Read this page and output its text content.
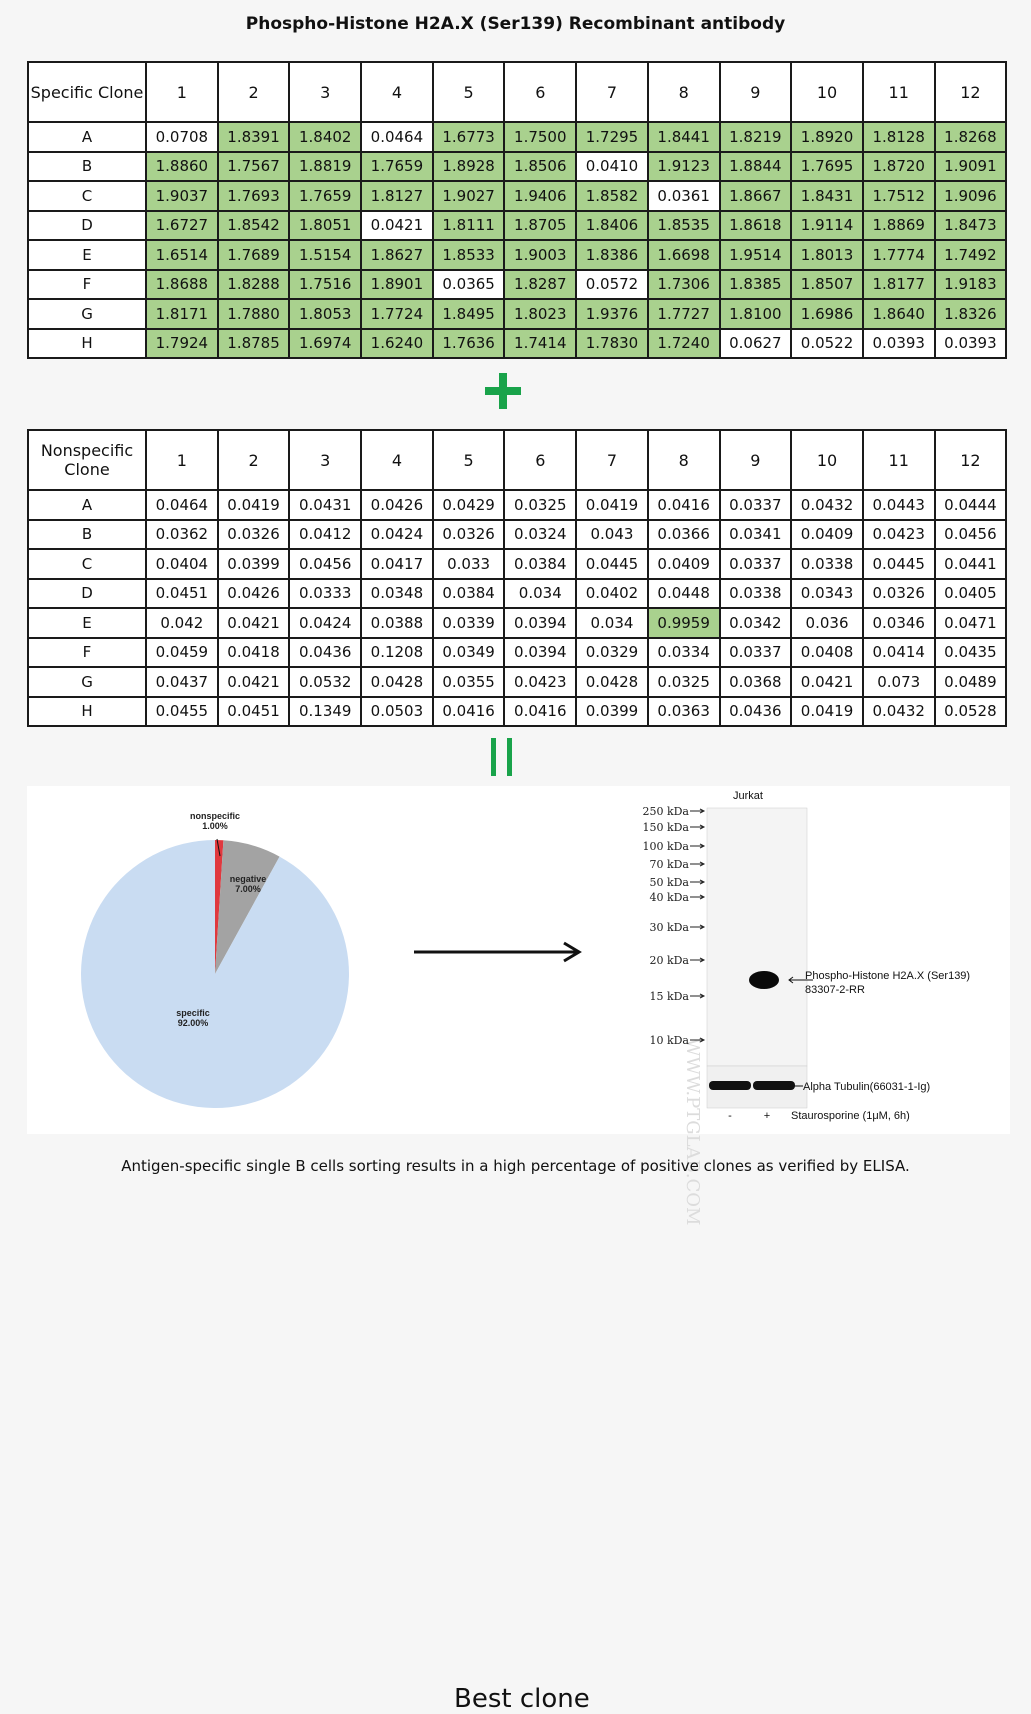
Phospho-Histone H2A.X (Ser139) Recombinant antibody
Specific Clone	1	2	3	4	5	6	7	8	9	10	11	12
A	0.0708	1.8391	1.8402	0.0464	1.6773	1.7500	1.7295	1.8441	1.8219	1.8920	1.8128	1.8268
B	1.8860	1.7567	1.8819	1.7659	1.8928	1.8506	0.0410	1.9123	1.8844	1.7695	1.8720	1.9091
C	1.9037	1.7693	1.7659	1.8127	1.9027	1.9406	1.8582	0.0361	1.8667	1.8431	1.7512	1.9096
D	1.6727	1.8542	1.8051	0.0421	1.8111	1.8705	1.8406	1.8535	1.8618	1.9114	1.8869	1.8473
E	1.6514	1.7689	1.5154	1.8627	1.8533	1.9003	1.8386	1.6698	1.9514	1.8013	1.7774	1.7492
F	1.8688	1.8288	1.7516	1.8901	0.0365	1.8287	0.0572	1.7306	1.8385	1.8507	1.8177	1.9183
G	1.8171	1.7880	1.8053	1.7724	1.8495	1.8023	1.9376	1.7727	1.8100	1.6986	1.8640	1.8326
H	1.7924	1.8785	1.6974	1.6240	1.7636	1.7414	1.7830	1.7240	0.0627	0.0522	0.0393	0.0393
Nonspecific
Clone	1	2	3	4	5	6	7	8	9	10	11	12
A	0.0464	0.0419	0.0431	0.0426	0.0429	0.0325	0.0419	0.0416	0.0337	0.0432	0.0443	0.0444
B	0.0362	0.0326	0.0412	0.0424	0.0326	0.0324	0.043	0.0366	0.0341	0.0409	0.0423	0.0456
C	0.0404	0.0399	0.0456	0.0417	0.033	0.0384	0.0445	0.0409	0.0337	0.0338	0.0445	0.0441
D	0.0451	0.0426	0.0333	0.0348	0.0384	0.034	0.0402	0.0448	0.0338	0.0343	0.0326	0.0405
E	0.042	0.0421	0.0424	0.0388	0.0339	0.0394	0.034	0.9959	0.0342	0.036	0.0346	0.0471
F	0.0459	0.0418	0.0436	0.1208	0.0349	0.0394	0.0329	0.0334	0.0337	0.0408	0.0414	0.0435
G	0.0437	0.0421	0.0532	0.0428	0.0355	0.0423	0.0428	0.0325	0.0368	0.0421	0.073	0.0489
H	0.0455	0.0451	0.1349	0.0503	0.0416	0.0416	0.0399	0.0363	0.0436	0.0419	0.0432	0.0528
nonspecific
1.00%
negative
7.00%
specific
92.00%
Best clone
WWW.PTGLAB.COM
Jurkat
250 kDa
150 kDa
100 kDa
70 kDa
50 kDa
40 kDa
30 kDa
20 kDa
15 kDa
10 kDa
Phospho-Histone H2A.X (Ser139)
83307-2-RR
Alpha Tubulin(66031-1-Ig)
-	+ Staurosporine (1μM, 6h)
Antigen-specific single B cells sorting results in a high percentage of positive clones as verified by ELISA.
